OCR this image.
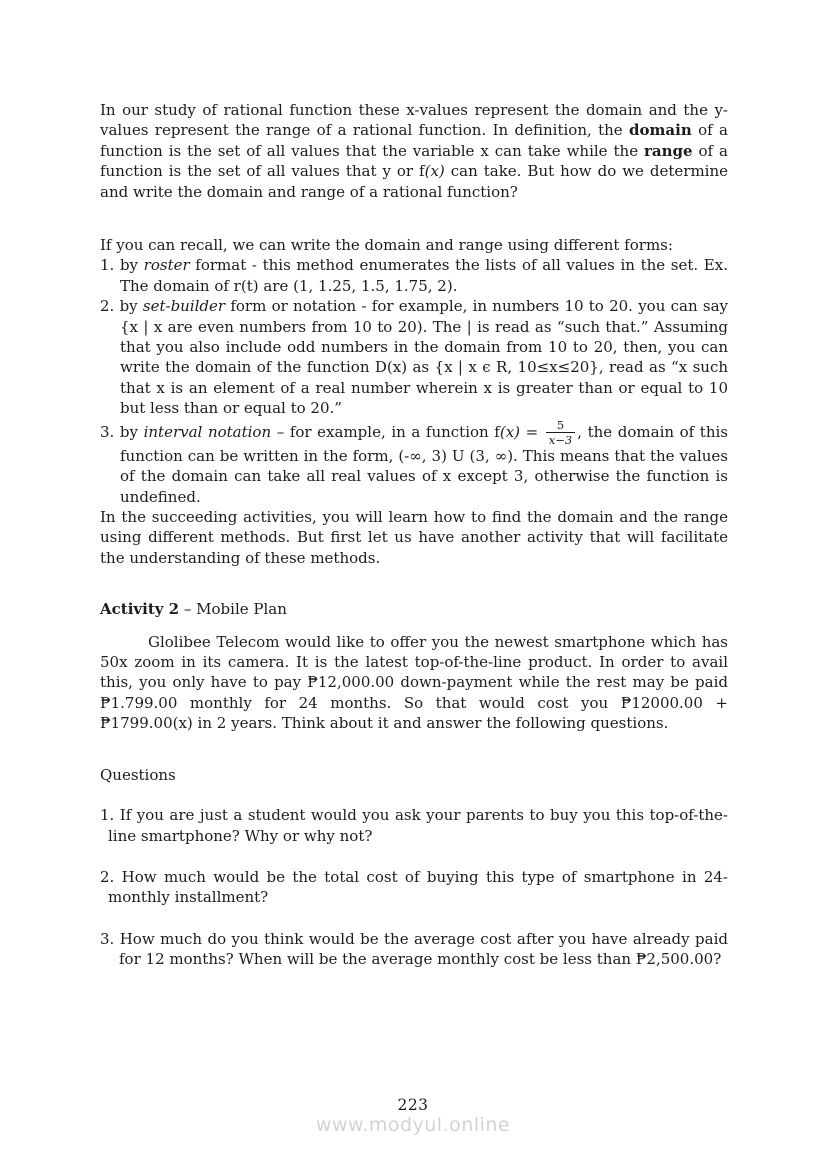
In our study of rational function these x-values represent the domain and the y-values represent the range of a rational function. In definition, the domain of a function is the set of all values that the variable x can take while the range of a function is the set of all values that y or f(x) can take. But how do we determine and write the domain and range of a rational function?

If you can recall, we can write the domain and range using different forms:

1. by roster format - this method enumerates the lists of all values in the set. Ex. The domain of r(t) are (1, 1.25, 1.5, 1.75, 2).
2. by set-builder form or notation - for example, in numbers 10 to 20. you can say {x | x are even numbers from 10 to 20). The | is read as “such that.” Assuming that you also include odd numbers in the domain from 10 to 20, then, you can write the domain of the function D(x) as {x | x ϵ R, 10≤x≤20}, read as “x such that x is an element of a real number wherein x is greater than or equal to 10 but less than or equal to 20.”
3. by interval notation – for example, in a function $f(x) = \frac{5}{x-3}$ , the domain of this function can be written in the form, (-∞, 3) U (3, ∞). This means that the values of the domain can take all real values of x except 3, otherwise the function is undefined.

In the succeeding activities, you will learn how to find the domain and the range using different methods. But first let us have another activity that will facilitate the understanding of these methods.

Activity 2 – Mobile Plan

Glolibee Telecom would like to offer you the newest smartphone which has 50x zoom in its camera. It is the latest top-of-the-line product. In order to avail this, you only have to pay ₱12,000.00 down-payment while the rest may be paid ₱1.799.00 monthly for 24 months. So that would cost you ₱12000.00 + ₱1799.00(x) in 2 years. Think about it and answer the following questions.

Questions

1. If you are just a student would you ask your parents to buy you this top-of-the-line smartphone? Why or why not?
2. How much would be the total cost of buying this type of smartphone in 24-monthly installment?
3. How much do you think would be the average cost after you have already paid for 12 months? When will be the average monthly cost be less than ₱2,500.00?
223
www.modyul.online
